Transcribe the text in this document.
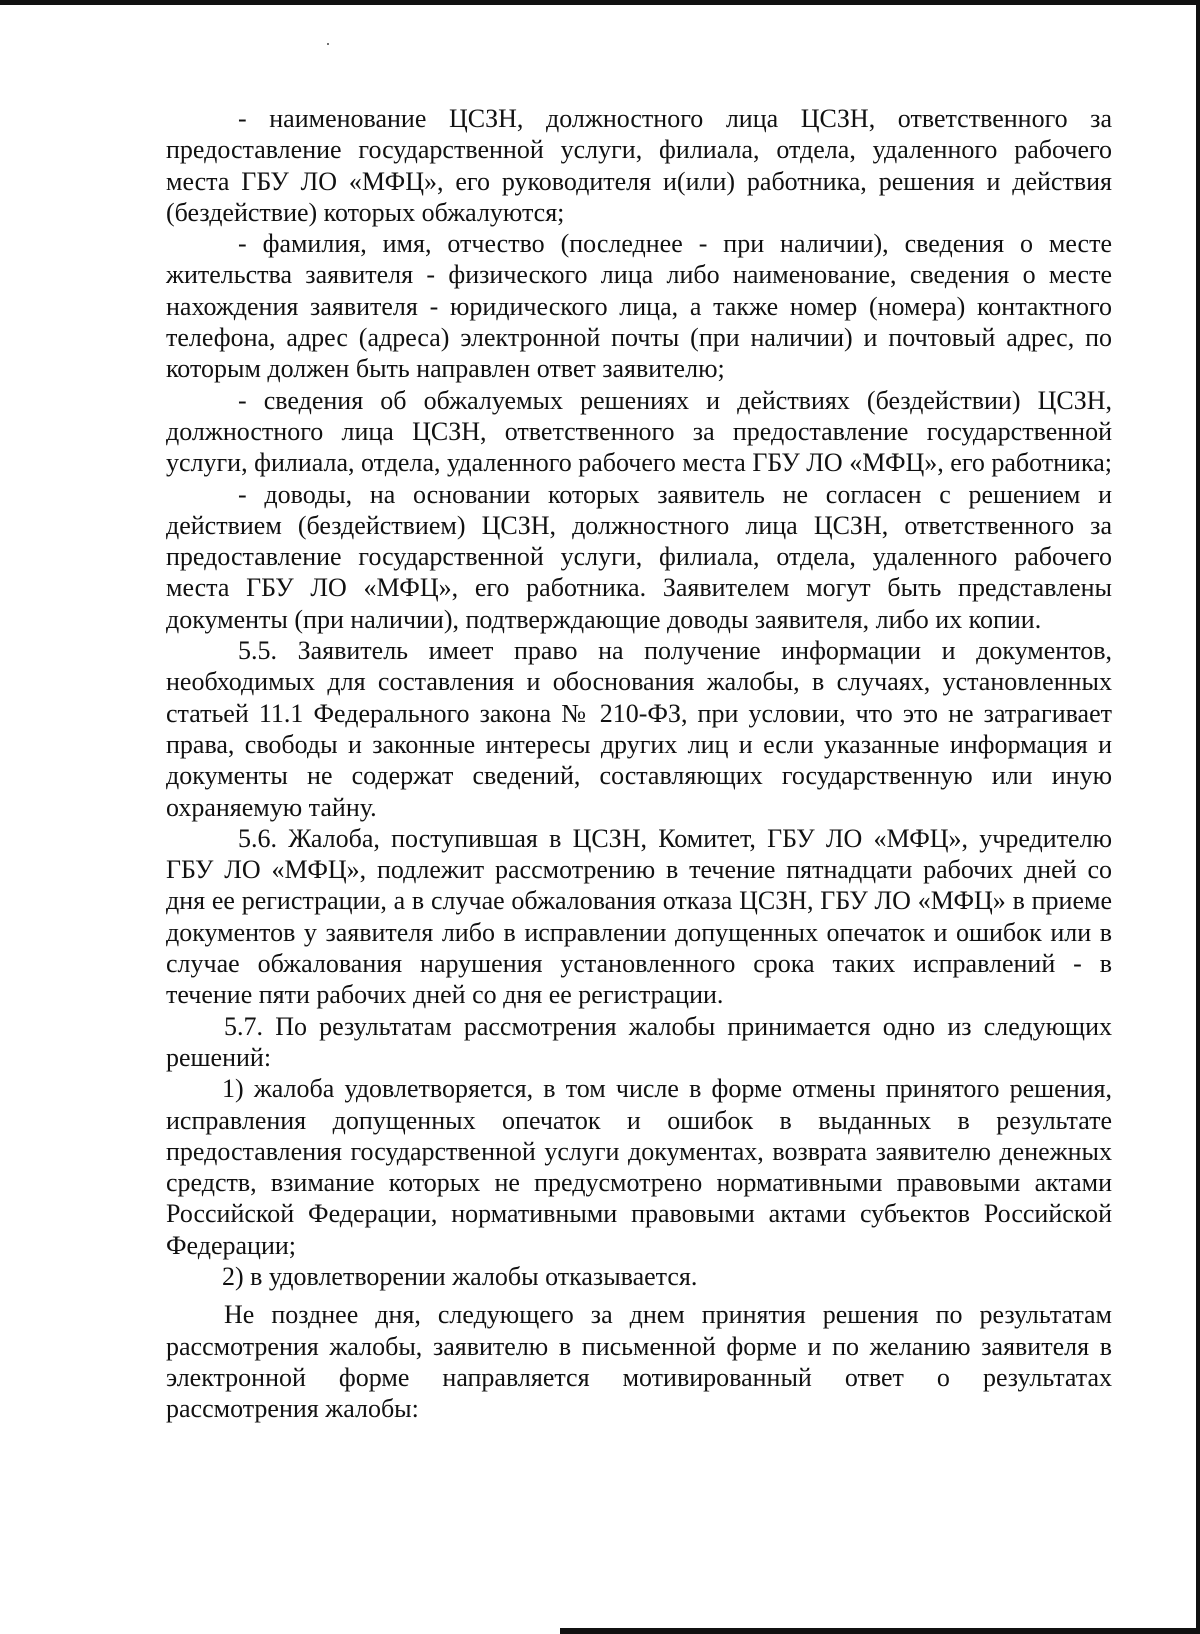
- наименование ЦСЗН, должностного лица ЦСЗН, ответственного за предоставление государственной услуги, филиала, отдела, удаленного рабочего места ГБУ ЛО «МФЦ», его руководителя и(или) работника, решения и действия (бездействие) которых обжалуются;

- фамилия, имя, отчество (последнее - при наличии), сведения о месте жительства заявителя - физического лица либо наименование, сведения о месте нахождения заявителя - юридического лица, а также номер (номера) контактного телефона, адрес (адреса) электронной почты (при наличии) и почтовый адрес, по которым должен быть направлен ответ заявителю;

- сведения об обжалуемых решениях и действиях (бездействии) ЦСЗН, должностного лица ЦСЗН, ответственного за предоставление государственной услуги, филиала, отдела, удаленного рабочего места ГБУ ЛО «МФЦ», его работника;

- доводы, на основании которых заявитель не согласен с решением и действием (бездействием) ЦСЗН, должностного лица ЦСЗН, ответственного за предоставление государственной услуги, филиала, отдела, удаленного рабочего места ГБУ ЛО «МФЦ», его работника. Заявителем могут быть представлены документы (при наличии), подтверждающие доводы заявителя, либо их копии.

5.5. Заявитель имеет право на получение информации и документов, необходимых для составления и обоснования жалобы, в случаях, установленных статьей 11.1 Федерального закона № 210-ФЗ, при условии, что это не затрагивает права, свободы и законные интересы других лиц и если указанные информация и документы не содержат сведений, составляющих государственную или иную охраняемую тайну.

5.6. Жалоба, поступившая в ЦСЗН, Комитет, ГБУ ЛО «МФЦ», учредителю ГБУ ЛО «МФЦ», подлежит рассмотрению в течение пятнадцати рабочих дней со дня ее регистрации, а в случае обжалования отказа ЦСЗН, ГБУ ЛО «МФЦ» в приеме документов у заявителя либо в исправлении допущенных опечаток и ошибок или в случае обжалования нарушения установленного срока таких исправлений - в течение пяти рабочих дней со дня ее регистрации.

5.7. По результатам рассмотрения жалобы принимается одно из следующих решений:

1) жалоба удовлетворяется, в том числе в форме отмены принятого решения, исправления допущенных опечаток и ошибок в выданных в результате предоставления государственной услуги документах, возврата заявителю денежных средств, взимание которых не предусмотрено нормативными правовыми актами Российской Федерации, нормативными правовыми актами субъектов Российской Федерации;

2) в удовлетворении жалобы отказывается.

Не позднее дня, следующего за днем принятия решения по результатам рассмотрения жалобы, заявителю в письменной форме и по желанию заявителя в электронной форме направляется мотивированный ответ о результатах рассмотрения жалобы:
